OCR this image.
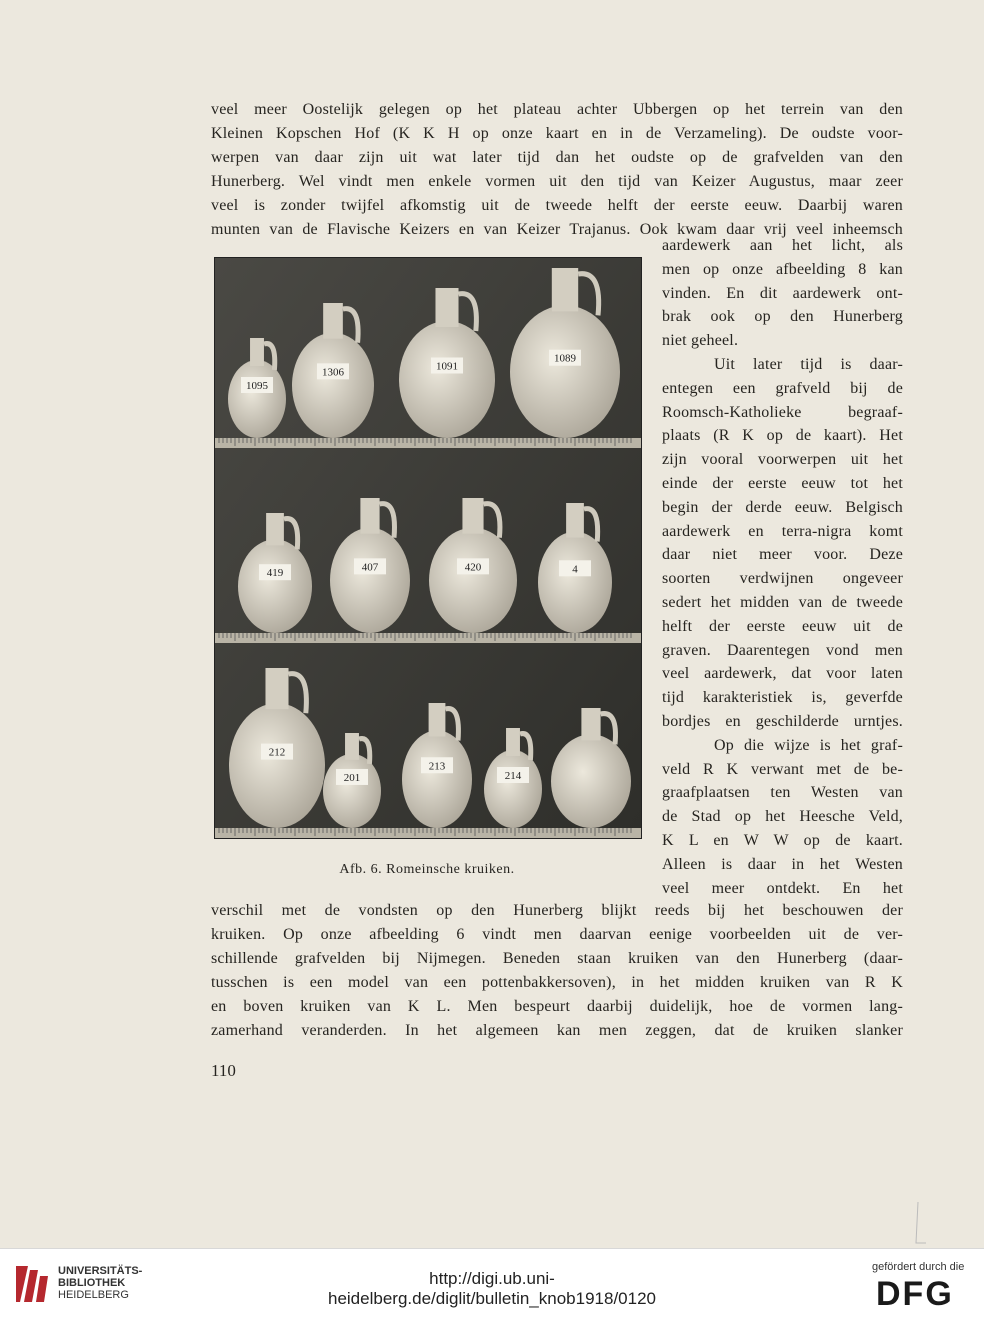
veel meer Oostelijk gelegen op het plateau achter Ubbergen op het terrein van den
Kleinen Kopschen Hof (K K H op onze kaart en in de Verzameling). De oudste voor-
werpen van daar zijn uit wat later tijd dan het oudste op de grafvelden van den
Hunerberg. Wel vindt men enkele vormen uit den tijd van Keizer Augustus, maar zeer
veel is zonder twijfel afkomstig uit de tweede helft der eerste eeuw. Daarbij waren
munten van de Flavische Keizers en van Keizer Trajanus. Ook kwam daar vrij veel inheemsch
aardewerk aan het licht, als
men op onze afbeelding 8 kan
vinden. En dit aardewerk ont-
brak ook op den Hunerberg
niet geheel.
Uit later tijd is daar-
entegen een grafveld bij de
Roomsch-Katholieke begraaf-
plaats (R K op de kaart). Het
zijn vooral voorwerpen uit het
einde der eerste eeuw tot het
begin der derde eeuw. Belgisch
aardewerk en terra-nigra komt
daar niet meer voor. Deze
soorten verdwijnen ongeveer
sedert het midden van de tweede
helft der eerste eeuw uit de
graven. Daarentegen vond men
veel aardewerk, dat voor laten
tijd karakteristiek is, geverfde
bordjes en geschilderde urntjes.
Op die wijze is het graf-
veld R K verwant met de be-
graafplaatsen ten Westen van
de Stad op het Heesche Veld,
K L en W W op de kaart.
Alleen is daar in het Westen
veel meer ontdekt. En het
1095
1306	1091
1089
419	407	420	4
212
201
213
214
Afb. 6. Romeinsche kruiken.
verschil met de vondsten op den Hunerberg blijkt reeds bij het beschouwen der
kruiken. Op onze afbeelding 6 vindt men daarvan eenige voorbeelden uit de ver-
schillende grafvelden bij Nijmegen. Beneden staan kruiken van den Hunerberg (daar-
tusschen is een model van een pottenbakkersoven), in het midden kruiken van R K
en boven kruiken van K L. Men bespeurt daarbij duidelijk, hoe de vormen lang-
zamerhand veranderden. In het algemeen kan men zeggen, dat de kruiken slanker
110
UNIVERSITÄTS-
BIBLIOTHEK
HEIDELBERG
http://digi.ub.uni-heidelberg.de/diglit/bulletin_knob1918/0120
gefördert durch die
DFG
